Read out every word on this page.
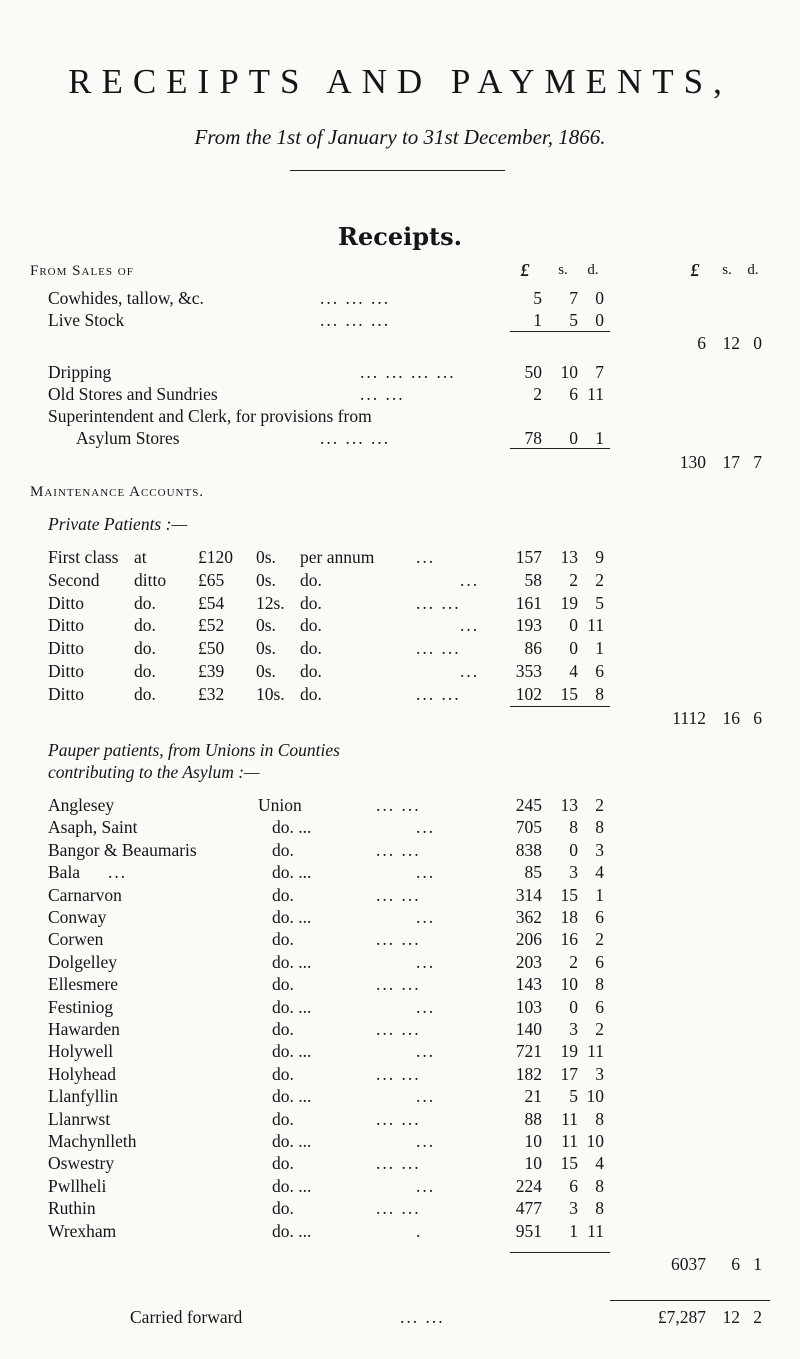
RECEIPTS AND PAYMENTS,
From the 1st of January to 31st December, 1866.
Receipts.
£	s.	d.	£	s.	d.
From Sales of
Cowhides, tallow, &c.	... ... ...	5	7 0
Live Stock	... ... ...	1	5 0
6 12 0
Dripping	... ... ... ...	50	10 7
Old Stores and Sundries	... ...	2	6 11
Superintendent and Clerk, for provisions from
Asylum Stores	... ... ...	78	0 1
130 17 7
Maintenance Accounts.
Private Patients :—
First class at	£120 0s. per annum ...	157	13 9
Second ditto £65 0s. do.	...	58	2 2
Ditto	do. £54 12s. do.	... ...	161	19 5
Ditto	do. £52 0s. do.	...	193	0 11
Ditto	do. £50 0s. do.	... ...	86	0 1
Ditto	do. £39 0s. do.	...	353	4 6
Ditto	do. £32 10s. do.	... ...	102	15 8
1112 16 6
Pauper patients, from Unions in Counties
contributing to the Asylum :—
Anglesey	Union	... ...	245	13 2
Asaph, Saint	do. ...	...	705	8 8
Bangor & Beaumaris	do.	... ...	838	0 3
Bala ...	do. ...	...	85	3 4
Carnarvon	do.	... ...	314	15 1
Conway	do. ...	...	362	18 6
Corwen	do.	... ...	206	16 2
Dolgelley	do. ...	...	203	2 6
Ellesmere	do.	... ...	143	10 8
Festiniog	do. ...	...	103	0 6
Hawarden	do.	... ...	140	3 2
Holywell	do. ...	...	721	19 11
Holyhead	do.	... ...	182	17 3
Llanfyllin	do. ...	...	21	5 10
Llanrwst	do.	... ...	88	11 8
Machynlleth	do. ...	...	10	11 10
Oswestry	do.	... ...	10	15 4
Pwllheli	do. ...	...	224	6 8
Ruthin	do.	... ...	477	3 8
Wrexham	do. ...	.	951	1 11
6037	6 1
Carried forward	... ...	£7,287 12 2
